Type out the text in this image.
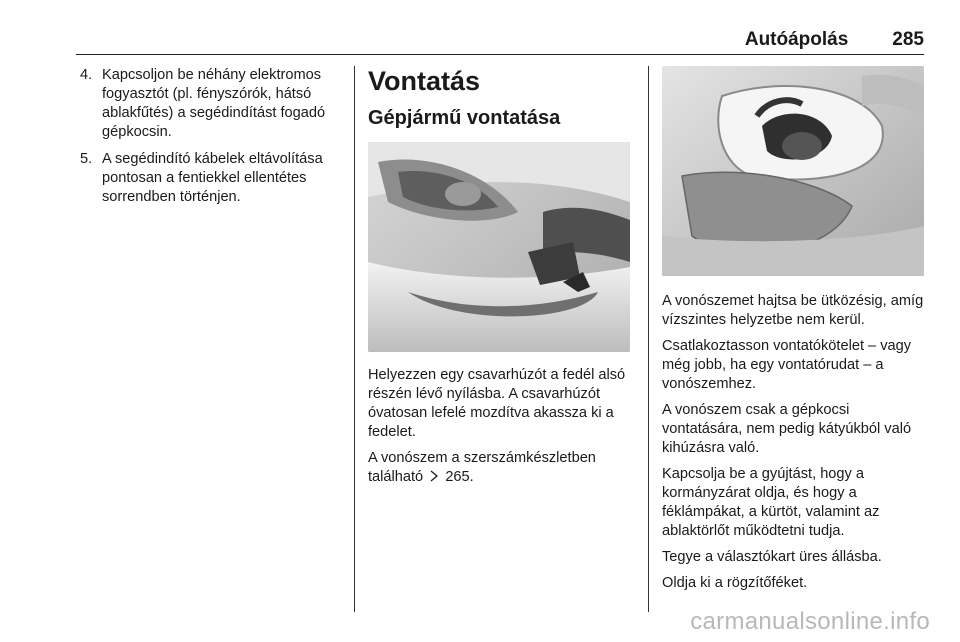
Autóápolás 285
4. Kapcsoljon be néhány elektromos fogyasztót (pl. fényszórók, hátsó ablakfűtés) a segédindítást fogadó gépkocsin.
5. A segédindító kábelek eltávolítása pontosan a fentiekkel ellentétes sorrendben történjen.
Vontatás
Gépjármű vontatása

Helyezzen egy csavarhúzót a fedél alsó részén lévő nyílásba. A csavarhúzót óvatosan lefelé mozdítva akassza ki a fedelet.

A vonószem a szerszámkészletben található 265.

A vonószemet hajtsa be ütközésig, amíg vízszintes helyzetbe nem kerül.

Csatlakoztasson vontatókötelet – vagy még jobb, ha egy vontatórudat – a vonószemhez.

A vonószem csak a gépkocsi vontatására, nem pedig kátyúkból való kihúzásra való.

Kapcsolja be a gyújtást, hogy a kormányzárat oldja, és hogy a féklámpákat, a kürtöt, valamint az ablaktörlőt működtetni tudja.

Tegye a választókart üres állásba.

Oldja ki a rögzítőféket.

carmanualsonline.info
